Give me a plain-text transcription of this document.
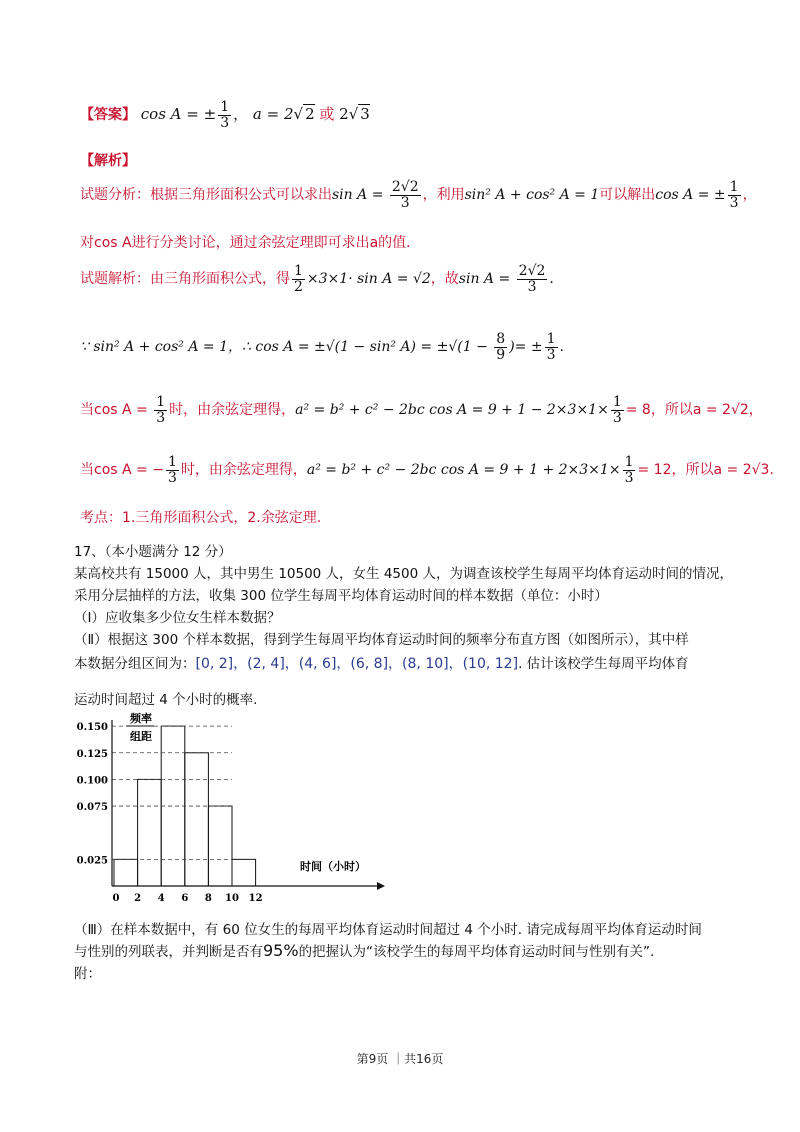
【答案】 cos A = ± $\frac{1}{3}$ ， a = 2√ 2 或 2√ 3
【解析】
试题分析：根据三角形面积公式可以求出$\sin A = \frac{2√2}{3}$ ，利用sin² A + cos² A = 1可以解出cos A = ± $\frac{1}{3}$ ，
对cos A进行分类讨论，通过余弦定理即可求出a的值.
试题解析：由三角形面积公式，得 $\frac{1}{2} \times 3\times 1\cdot \sin A = √2$，故$\sin A = \frac{2√2}{3}$ .
∵ sin² A + cos² A = 1，∴ cos A = ±√(1 − sin² $A) = \pm√(1 - \frac{8}{9}$ )= ± $\frac{1}{3}$ .
当$\cos A = \frac{1}{3}$ 时，由余弦定理得，a² = b² + c² − 2bc $\cos A = 9 + 1 - 2\times 3\times 1\times \frac{1}{3} = 8$，所以a = 2√2，
当cos A = − $\frac{1}{3}$ 时，由余弦定理得，a² = b² + c² − 2bc $\cos A = 9 + 1 + 2\times 3\times 1\times \frac{1}{3} = 12$，所以a = 2√3.
考点：1.三角形面积公式，2.余弦定理.
17、（本小题满分 12 分）
某高校共有 15000 人，其中男生 10500 人，女生 4500 人，为调查该校学生每周平均体育运动时间的情况，
采用分层抽样的方法，收集 300 位学生每周平均体育运动时间的样本数据（单位：小时）
（Ⅰ）应收集多少位女生样本数据？
（Ⅱ）根据这 300 个样本数据，得到学生每周平均体育运动时间的频率分布直方图（如图所示），其中样
本数据分组区间为：[0, 2]，(2, 4]，(4, 6]，(6, 8]，(8, 10]，(10, 12]. 估计该校学生每周平均体育
运动时间超过 4 个小时的概率.
0.025
0.075
0.100
0.125
0.150
0 2 4 6 8 10 12
频率
组距
时间（小时）
（Ⅲ）在样本数据中，有 60 位女生的每周平均体育运动时间超过 4 个小时. 请完成每周平均体育运动时间
与性别的列联表，并判断是否有95%的把握认为“该校学生的每周平均体育运动时间与性别有关”.
附：
第9页 ｜共16页
